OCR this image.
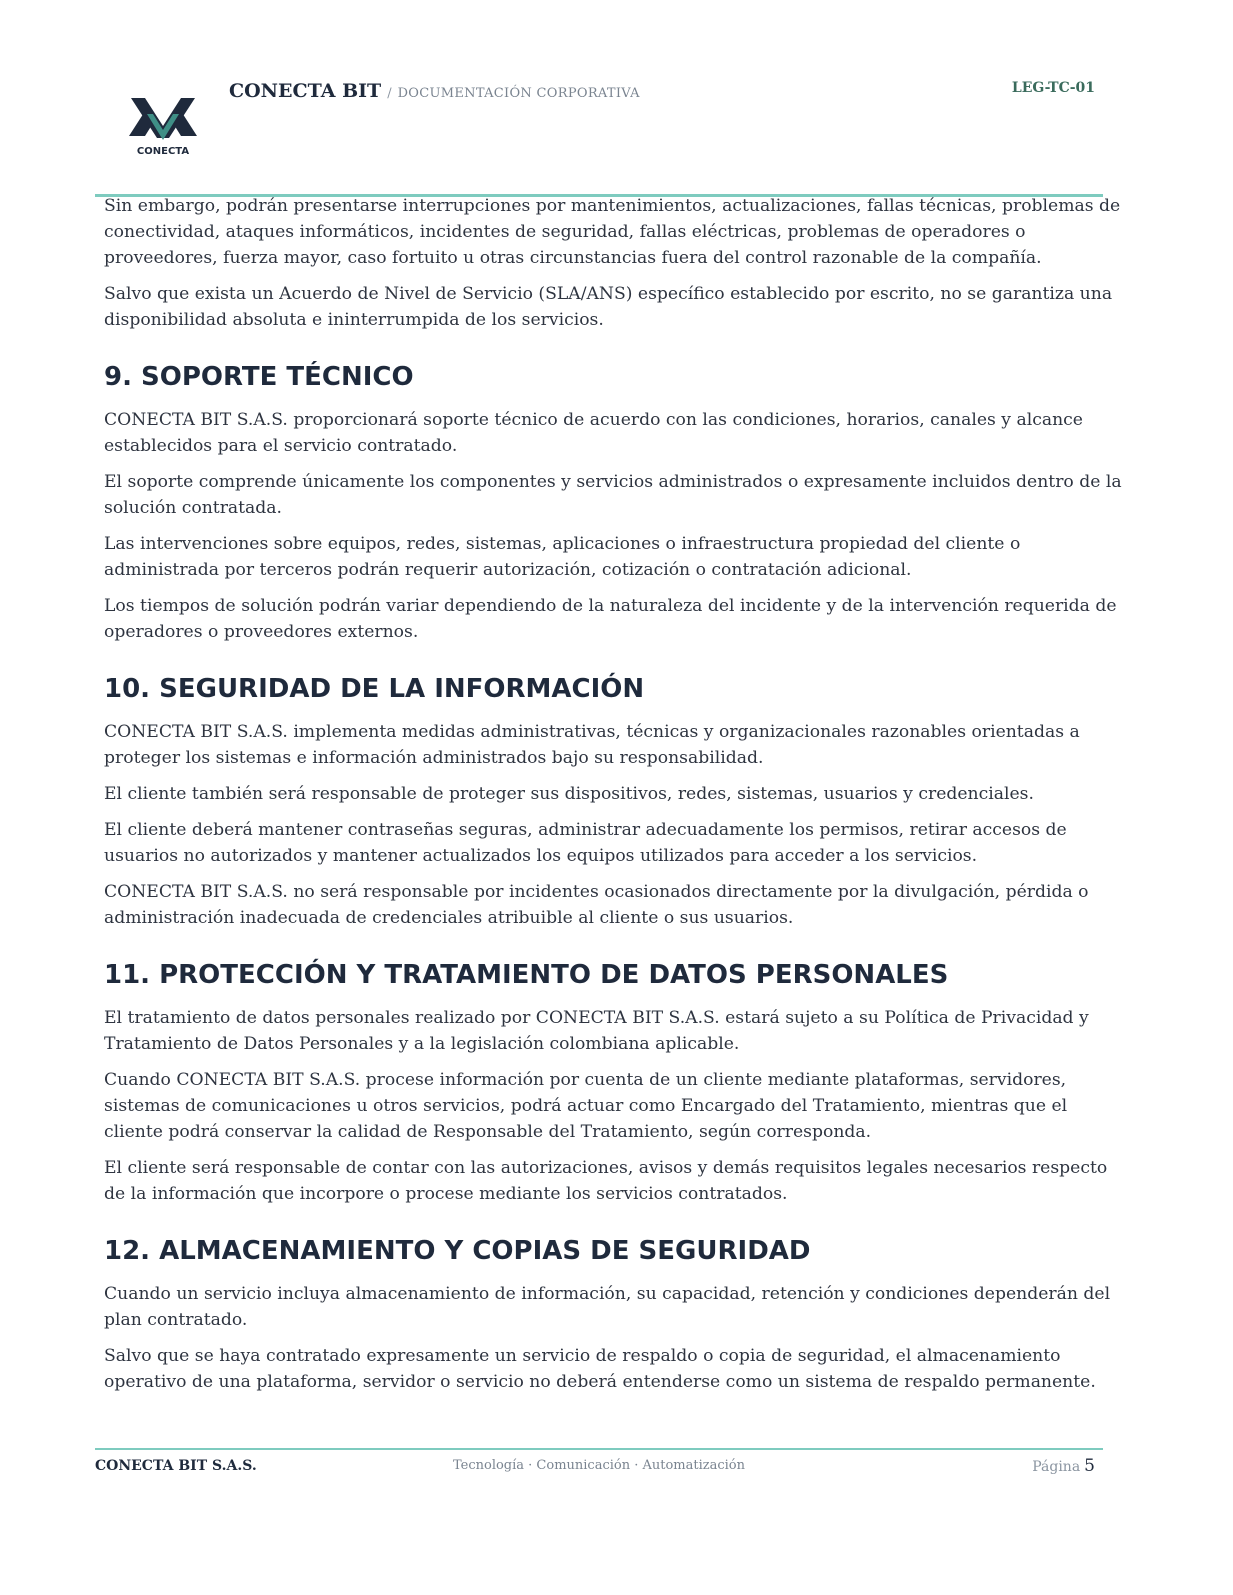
CONECTA
CONECTA BIT / DOCUMENTACIÓN CORPORATIVA	LEG-TC-01

Sin embargo, podrán presentarse interrupciones por mantenimientos, actualizaciones, fallas técnicas, problemas de conectividad, ataques informáticos, incidentes de seguridad, fallas eléctricas, problemas de operadores o proveedores, fuerza mayor, caso fortuito u otras circunstancias fuera del control razonable de la compañía.

Salvo que exista un Acuerdo de Nivel de Servicio (SLA/ANS) específico establecido por escrito, no se garantiza una disponibilidad absoluta e ininterrumpida de los servicios.

9. SOPORTE TÉCNICO

CONECTA BIT S.A.S. proporcionará soporte técnico de acuerdo con las condiciones, horarios, canales y alcance establecidos para el servicio contratado.

El soporte comprende únicamente los componentes y servicios administrados o expresamente incluidos dentro de la solución contratada.

Las intervenciones sobre equipos, redes, sistemas, aplicaciones o infraestructura propiedad del cliente o administrada por terceros podrán requerir autorización, cotización o contratación adicional.

Los tiempos de solución podrán variar dependiendo de la naturaleza del incidente y de la intervención requerida de operadores o proveedores externos.

10. SEGURIDAD DE LA INFORMACIÓN

CONECTA BIT S.A.S. implementa medidas administrativas, técnicas y organizacionales razonables orientadas a proteger los sistemas e información administrados bajo su responsabilidad.

El cliente también será responsable de proteger sus dispositivos, redes, sistemas, usuarios y credenciales.

El cliente deberá mantener contraseñas seguras, administrar adecuadamente los permisos, retirar accesos de usuarios no autorizados y mantener actualizados los equipos utilizados para acceder a los servicios.

CONECTA BIT S.A.S. no será responsable por incidentes ocasionados directamente por la divulgación, pérdida o administración inadecuada de credenciales atribuible al cliente o sus usuarios.

11. PROTECCIÓN Y TRATAMIENTO DE DATOS PERSONALES

El tratamiento de datos personales realizado por CONECTA BIT S.A.S. estará sujeto a su Política de Privacidad y Tratamiento de Datos Personales y a la legislación colombiana aplicable.

Cuando CONECTA BIT S.A.S. procese información por cuenta de un cliente mediante plataformas, servidores, sistemas de comunicaciones u otros servicios, podrá actuar como Encargado del Tratamiento, mientras que el cliente podrá conservar la calidad de Responsable del Tratamiento, según corresponda.

El cliente será responsable de contar con las autorizaciones, avisos y demás requisitos legales necesarios respecto de la información que incorpore o procese mediante los servicios contratados.

12. ALMACENAMIENTO Y COPIAS DE SEGURIDAD

Cuando un servicio incluya almacenamiento de información, su capacidad, retención y condiciones dependerán del plan contratado.

Salvo que se haya contratado expresamente un servicio de respaldo o copia de seguridad, el almacenamiento operativo de una plataforma, servidor o servicio no deberá entenderse como un sistema de respaldo permanente.

CONECTA BIT S.A.S.	Tecnología · Comunicación · Automatización	Página 5
